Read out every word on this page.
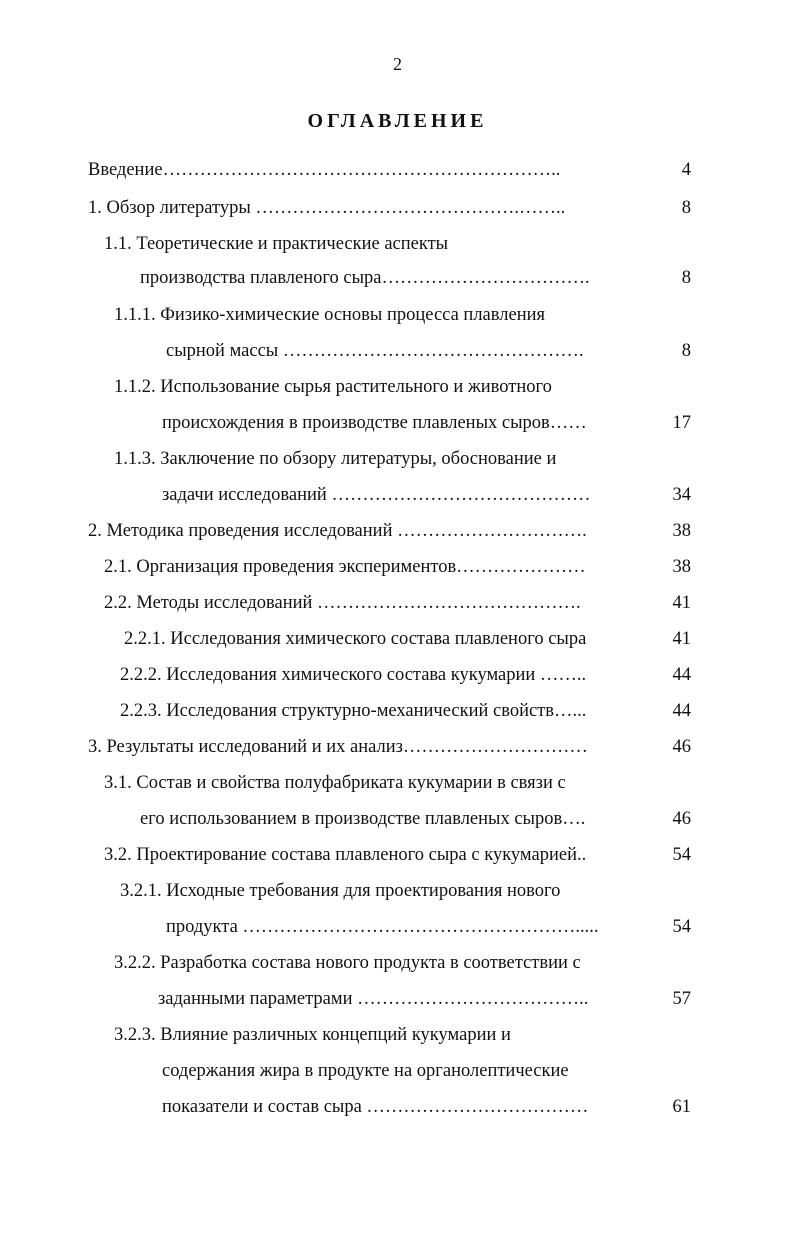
2
ОГЛАВЛЕНИЕ
Введение………………………………………………………..	4
1. Обзор литературы …………………………………….……..	8
1.1. Теоретические и практические аспекты
производства плавленого сыра…………………………….	8
1.1.1. Физико-химические основы процесса плавления
сырной массы ………………………………………….	8
1.1.2. Использование сырья растительного и животного
происхождения в производстве плавленых сыров……	17
1.1.3. Заключение по обзору литературы, обоснование и
задачи исследований ……………………………………	34
2. Методика проведения исследований ………………………….	38
2.1. Организация проведения экспериментов…………………	38
2.2. Методы исследований …………………………………….	41
2.2.1. Исследования химического состава плавленого сыра	41
2.2.2. Исследования химического состава кукумарии ……..	44
2.2.3. Исследования структурно-механический свойств…...	44
3. Результаты исследований и их анализ…………………………	46
3.1. Состав и свойства полуфабриката кукумарии в связи с
его использованием в производстве плавленых сыров….	46
3.2. Проектирование состава плавленого сыра с кукумарией..	54
3.2.1. Исходные требования для проектирования нового
продукта ……………………………………………….....	54
3.2.2. Разработка состава нового продукта в соответствии с
заданными параметрами ………………………………..	57
3.2.3. Влияние различных концепций кукумарии и
содержания жира в продукте на органолептические
показатели и состав сыра ………………………………	61
